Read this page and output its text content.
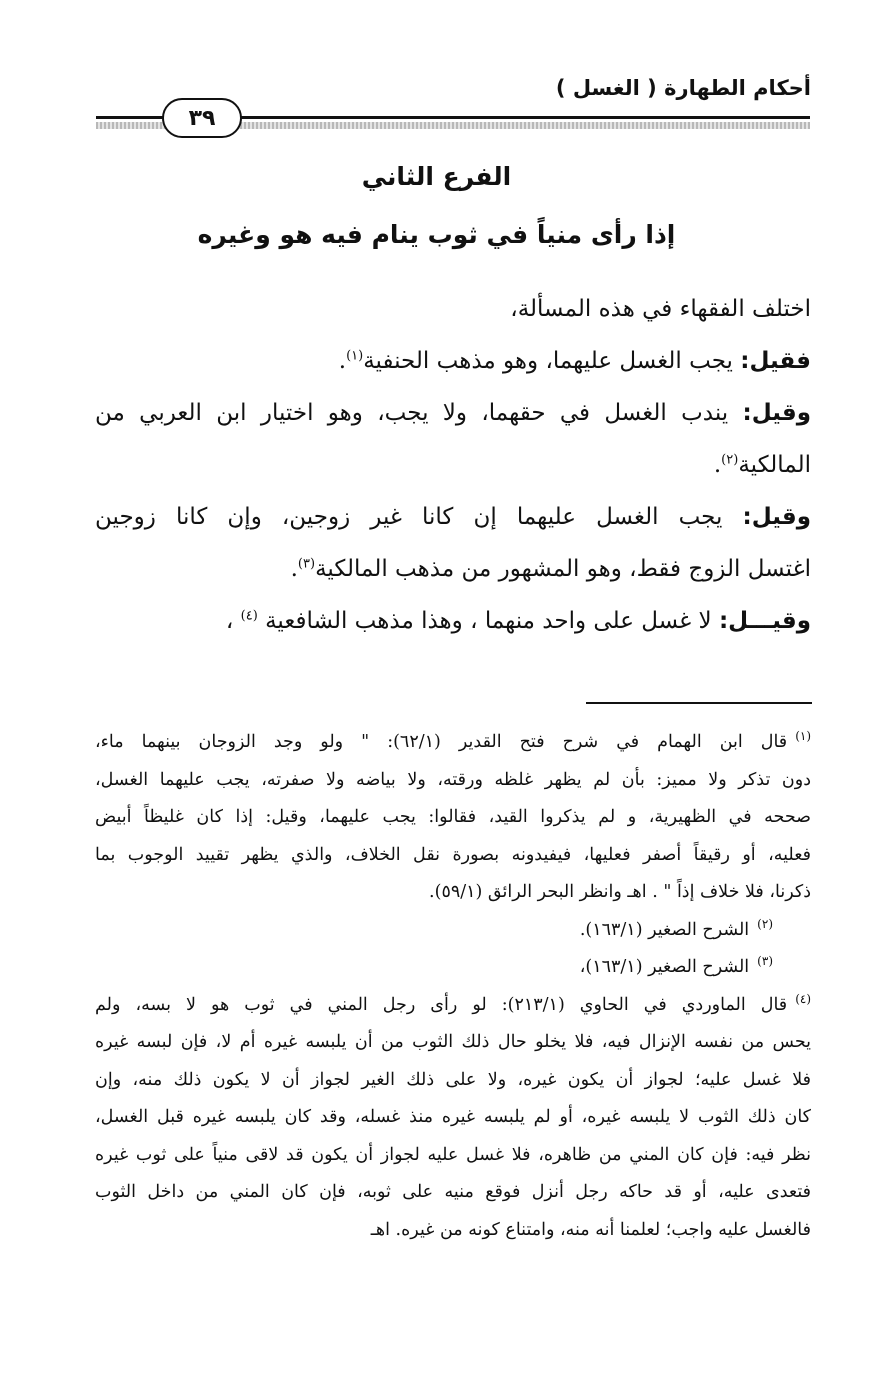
أحكام الطهارة ( الغسل )
٣٩
الفرع الثاني
إذا رأى منياً في ثوب ينام فيه هو وغيره
اختلف الفقهاء في هذه المسألة،
فقيل: يجب الغسل عليهما، وهو مذهب الحنفية$^{(١)}$.
وقيل: يندب الغسل في حقهما، ولا يجب، وهو اختيار ابن العربي من
المالكية$^{(٢)}$.
وقيل: يجب الغسل عليهما إن كانا غير زوجين، وإن كانا زوجين
اغتسل الزوج فقط، وهو المشهور من مذهب المالكية$^{(٣)}$.
وقيـــل: لا غسل على واحد منهما ، وهذا مذهب الشافعية $^{(٤)}$ ،
$^{(١)}$قال ابن الهمام في شرح فتح القدير (٦٢/١): " ولو وجد الزوجان بينهما ماء،
دون تذكر ولا مميز: بأن لم يظهر غلظه ورقته، ولا بياضه ولا صفرته، يجب عليهما الغسل،
صححه في الظهيرية، و لم يذكروا القيد، فقالوا: يجب عليهما، وقيل: إذا كان غليظاً أبيض
فعليه، أو رقيقاً أصفر فعليها، فيفيدونه بصورة نقل الخلاف، والذي يظهر تقييد الوجوب بما
ذكرنا، فلا خلاف إذاً " . اهـ وانظر البحر الرائق (٥٩/١).
$^{(٢)}$الشرح الصغير (١٦٣/١).
$^{(٣)}$الشرح الصغير (١٦٣/١)،
$^{(٤)}$قال الماوردي في الحاوي (٢١٣/١): لو رأى رجل المني في ثوب هو لا بسه، ولم
يحس من نفسه الإنزال فيه، فلا يخلو حال ذلك الثوب من أن يلبسه غيره أم لا، فإن لبسه غيره
فلا غسل عليه؛ لجواز أن يكون غيره، ولا على ذلك الغير لجواز أن لا يكون ذلك منه، وإن
كان ذلك الثوب لا يلبسه غيره، أو لم يلبسه غيره منذ غسله، وقد كان يلبسه غيره قبل الغسل،
نظر فيه: فإن كان المني من ظاهره، فلا غسل عليه لجواز أن يكون قد لاقى منياً على ثوب غيره
فتعدى عليه، أو قد حاكه رجل أنزل فوقع منيه على ثوبه، فإن كان المني من داخل الثوب
فالغسل عليه واجب؛ لعلمنا أنه منه، وامتناع كونه من غيره. اهـ
